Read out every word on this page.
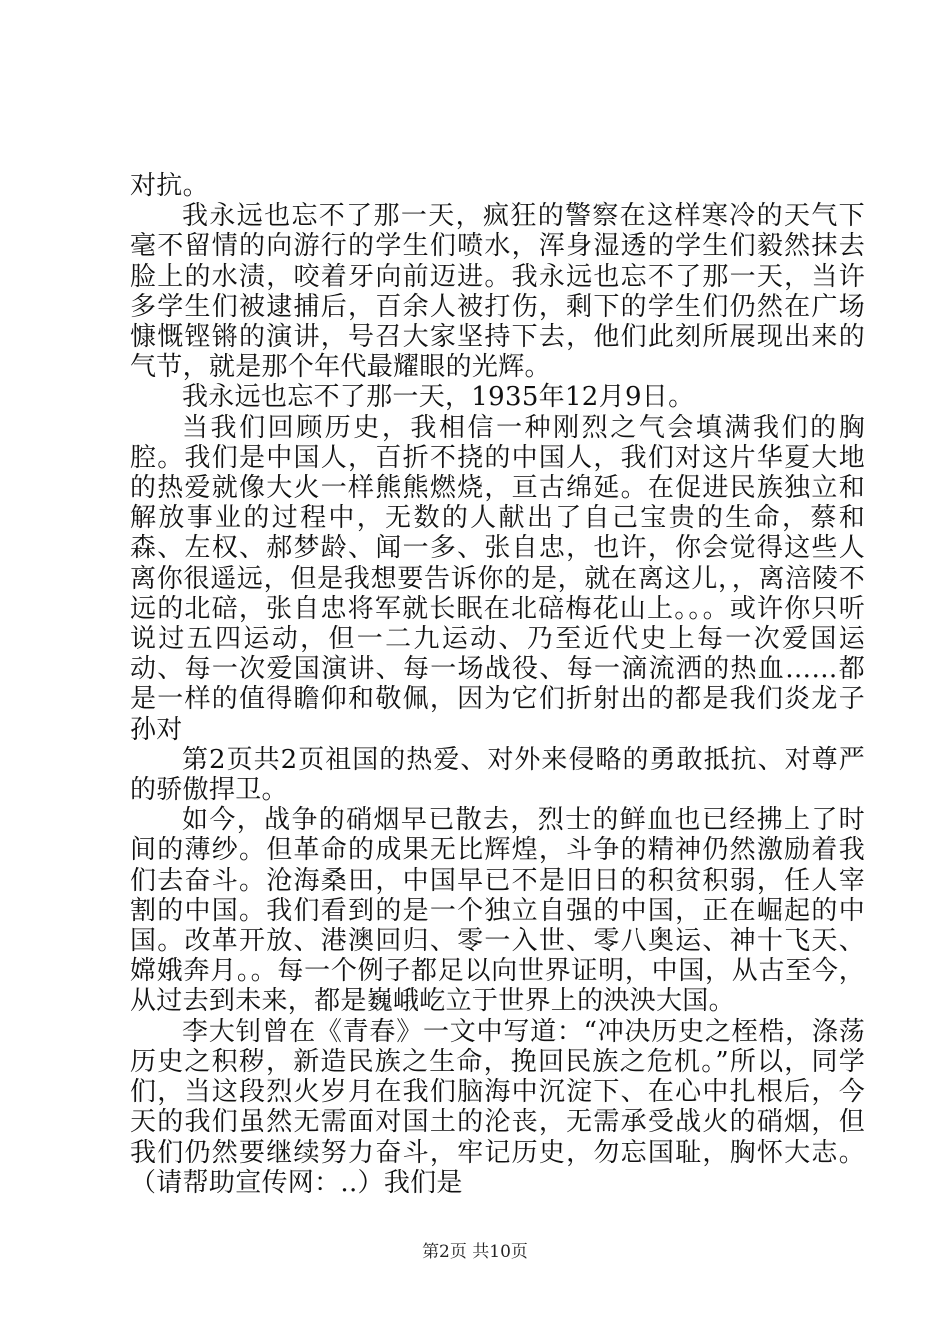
对抗。

我永远也忘不了那一天，疯狂的警察在这样寒冷的天气下毫不留情的向游行的学生们喷水，浑身湿透的学生们毅然抹去脸上的水渍，咬着牙向前迈进。我永远也忘不了那一天，当许多学生们被逮捕后，百余人被打伤，剩下的学生们仍然在广场慷慨铿锵的演讲，号召大家坚持下去，他们此刻所展现出来的气节，就是那个年代最耀眼的光辉。

我永远也忘不了那一天，1935年12月9日。

当我们回顾历史，我相信一种刚烈之气会填满我们的胸腔。我们是中国人，百折不挠的中国人，我们对这片华夏大地的热爱就像大火一样熊熊燃烧，亘古绵延。在促进民族独立和解放事业的过程中，无数的人献出了自己宝贵的生命，蔡和森、左权、郝梦龄、闻一多、张自忠，也许，你会觉得这些人离你很遥远，但是我想要告诉你的是，就在离这儿，，离涪陵不远的北碚，张自忠将军就长眠在北碚梅花山上。。。或许你只听说过五四运动，但一二九运动、乃至近代史上每一次爱国运动、每一次爱国演讲、每一场战役、每一滴流洒的热血……都是一样的值得瞻仰和敬佩，因为它们折射出的都是我们炎龙子孙对

第2页共2页祖国的热爱、对外来侵略的勇敢抵抗、对尊严的骄傲捍卫。

如今，战争的硝烟早已散去，烈士的鲜血也已经拂上了时间的薄纱。但革命的成果无比辉煌，斗争的精神仍然激励着我们去奋斗。沧海桑田，中国早已不是旧日的积贫积弱，任人宰割的中国。我们看到的是一个独立自强的中国，正在崛起的中国。改革开放、港澳回归、零一入世、零八奥运、神十飞天、嫦娥奔月。。每一个例子都足以向世界证明，中国，从古至今，从过去到未来，都是巍峨屹立于世界上的泱泱大国。

李大钊曾在《青春》一文中写道：“冲决历史之桎梏，涤荡历史之积秽，新造民族之生命，挽回民族之危机。”所以，同学们，当这段烈火岁月在我们脑海中沉淀下、在心中扎根后，今天的我们虽然无需面对国土的沦丧，无需承受战火的硝烟，但我们仍然要继续努力奋斗，牢记历史，勿忘国耻，胸怀大志。（请帮助宣传网：..）我们是

第2页 共10页
